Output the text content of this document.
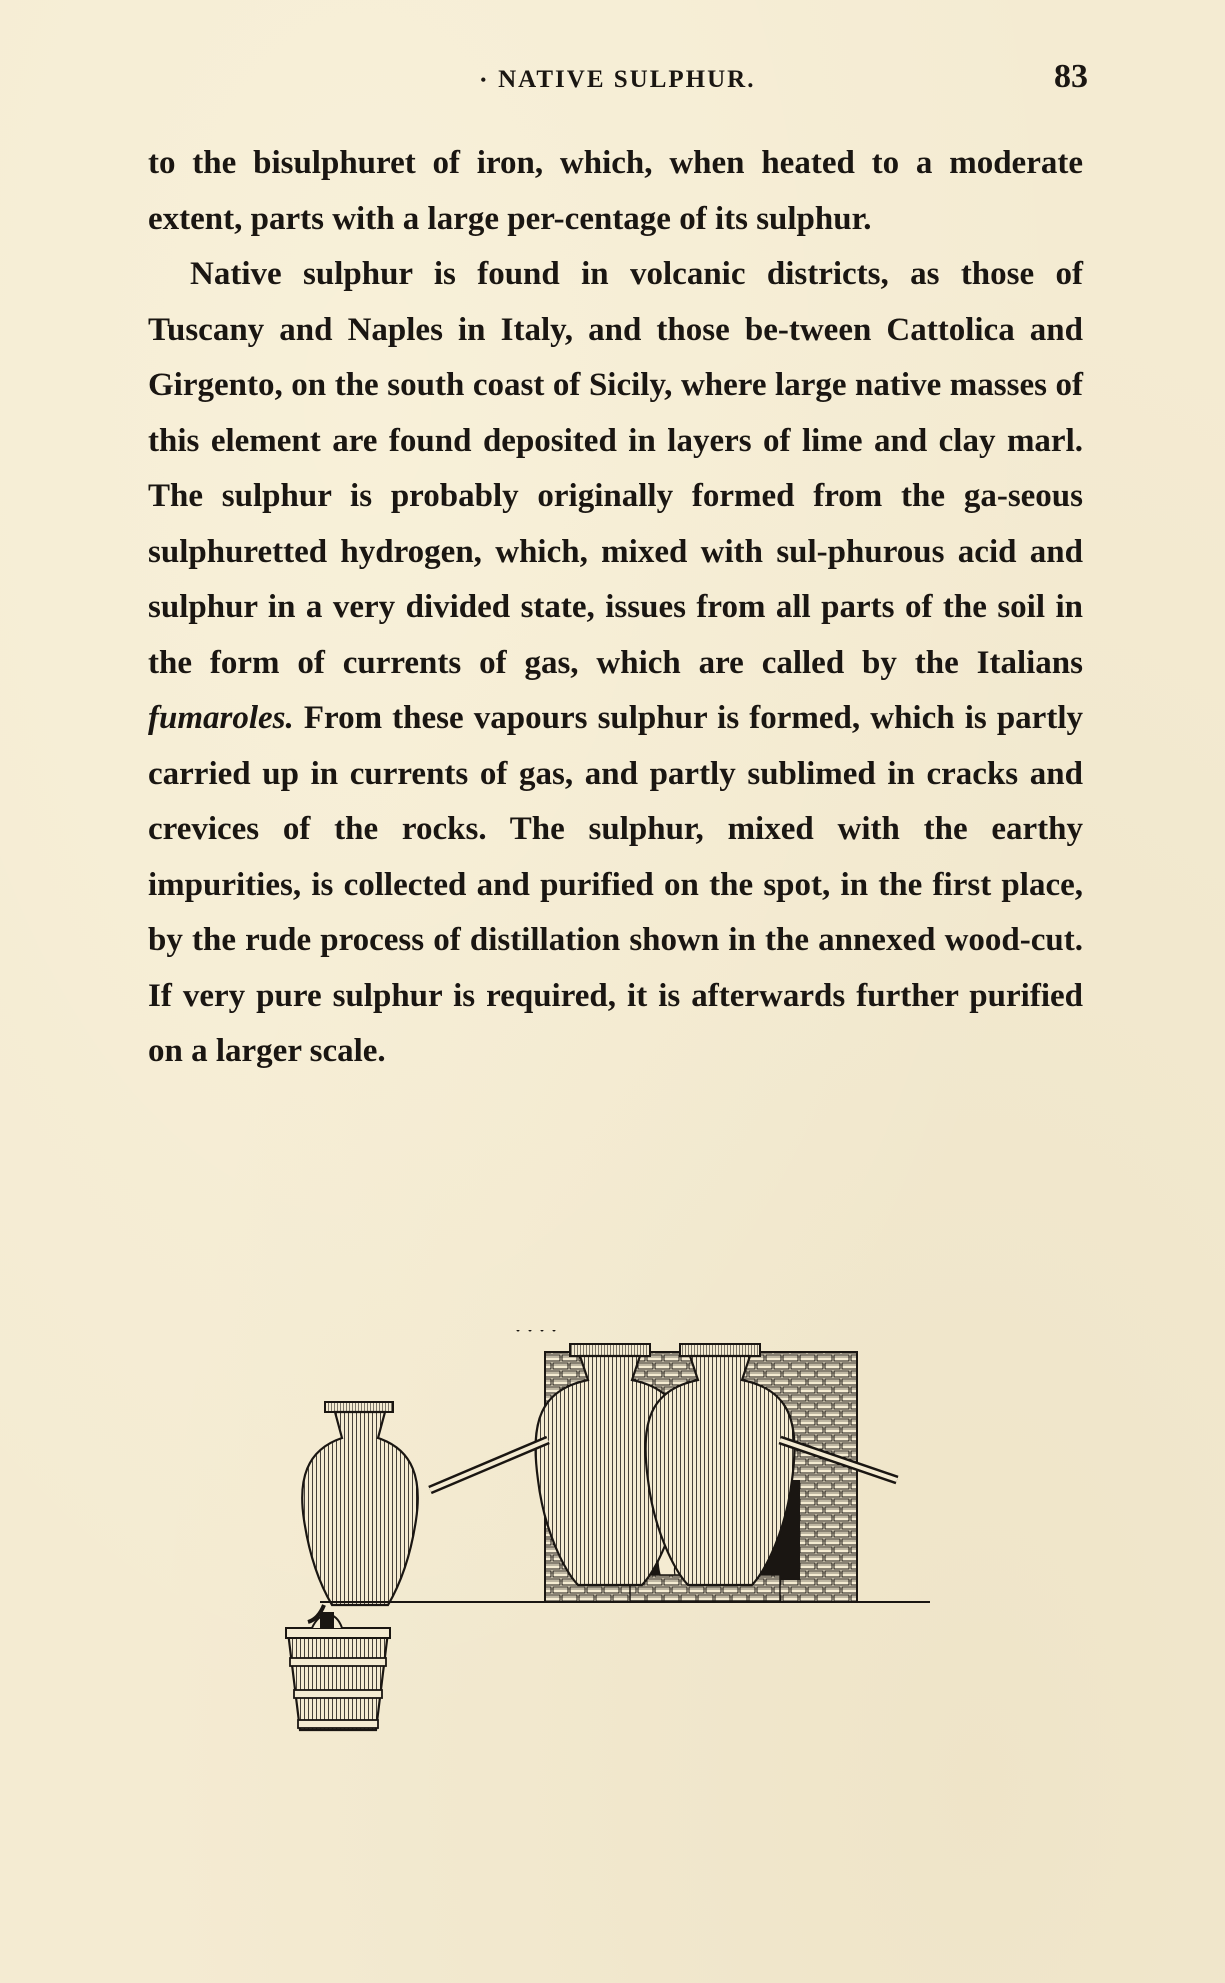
• NATIVE SULPHUR.	83

to the bisulphuret of iron, which, when heated to a moderate extent, parts with a large per-centage of its sulphur.

Native sulphur is found in volcanic districts, as those of Tuscany and Naples in Italy, and those be-tween Cattolica and Girgento, on the south coast of Sicily, where large native masses of this element are found deposited in layers of lime and clay marl. The sulphur is probably originally formed from the ga-seous sulphuretted hydrogen, which, mixed with sul-phurous acid and sulphur in a very divided state, issues from all parts of the soil in the form of currents of gas, which are called by the Italians fumaroles. From these vapours sulphur is formed, which is partly carried up in currents of gas, and partly sublimed in cracks and crevices of the rocks. The sulphur, mixed with the earthy impurities, is collected and purified on the spot, in the first place, by the rude process of distillation shown in the annexed wood-cut. If very pure sulphur is required, it is afterwards further purified on a larger scale.
